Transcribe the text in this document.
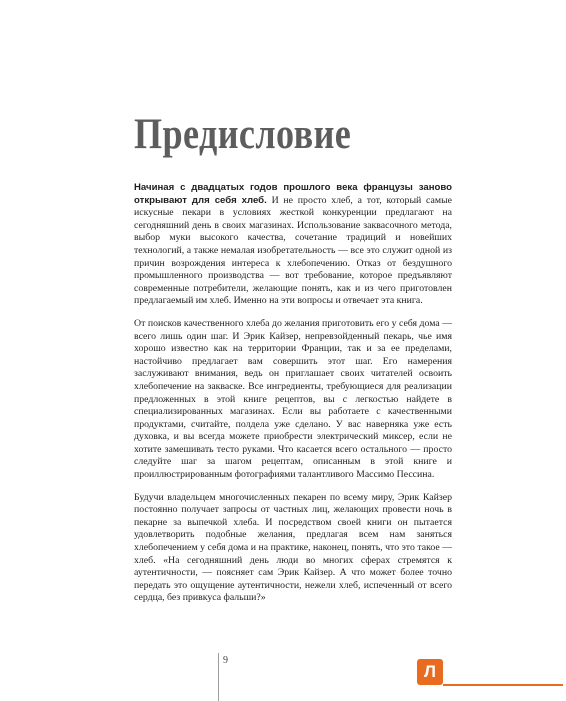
Предисловие

Начиная с двадцатых годов прошлого века французы заново открывают для себя хлеб. И не просто хлеб, а тот, который самые искусные пекари в условиях жесткой конкуренции предлагают на сегодняшний день в своих магазинах. Использование заквасочного метода, выбор муки высокого качества, сочетание традиций и новейших технологий, а также немалая изобретательность — все это служит одной из причин возрождения интереса к хлебопечению. Отказ от бездушного промышленного производства — вот требование, которое предъявляют современные потребители, желающие понять, как и из чего приготовлен предлагаемый им хлеб. Именно на эти вопросы и отвечает эта книга.

От поисков качественного хлеба до желания приготовить его у себя дома — всего лишь один шаг. И Эрик Кайзер, непревзойденный пекарь, чье имя хорошо известно как на территории Франции, так и за ее пределами, настойчиво предлагает вам совершить этот шаг. Его намерения заслуживают внимания, ведь он приглашает своих читателей освоить хлебопечение на закваске. Все ингредиенты, требующиеся для реализации предложенных в этой книге рецептов, вы с легкостью найдете в специализированных магазинах. Если вы работаете с качественными продуктами, считайте, полдела уже сделано. У вас наверняка уже есть духовка, и вы всегда можете приобрести электрический миксер, если не хотите замешивать тесто руками. Что касается всего остального — просто следуйте шаг за шагом рецептам, описанным в этой книге и проиллюстрированным фотографиями талантливого Массимо Пессина.

Будучи владельцем многочисленных пекарен по всему миру, Эрик Кайзер постоянно получает запросы от частных лиц, желающих провести ночь в пекарне за выпечкой хлеба. И посредством своей книги он пытается удовлетворить подобные желания, предлагая всем нам заняться хлебопечением у себя дома и на практике, наконец, понять, что это такое — хлеб. «На сегодняшний день люди во многих сферах стремятся к аутентичности, — поясняет сам Эрик Кайзер. А что может более точно передать это ощущение аутентичности, нежели хлеб, испеченный от всего сердца, без привкуса фальши?»

9
Л
